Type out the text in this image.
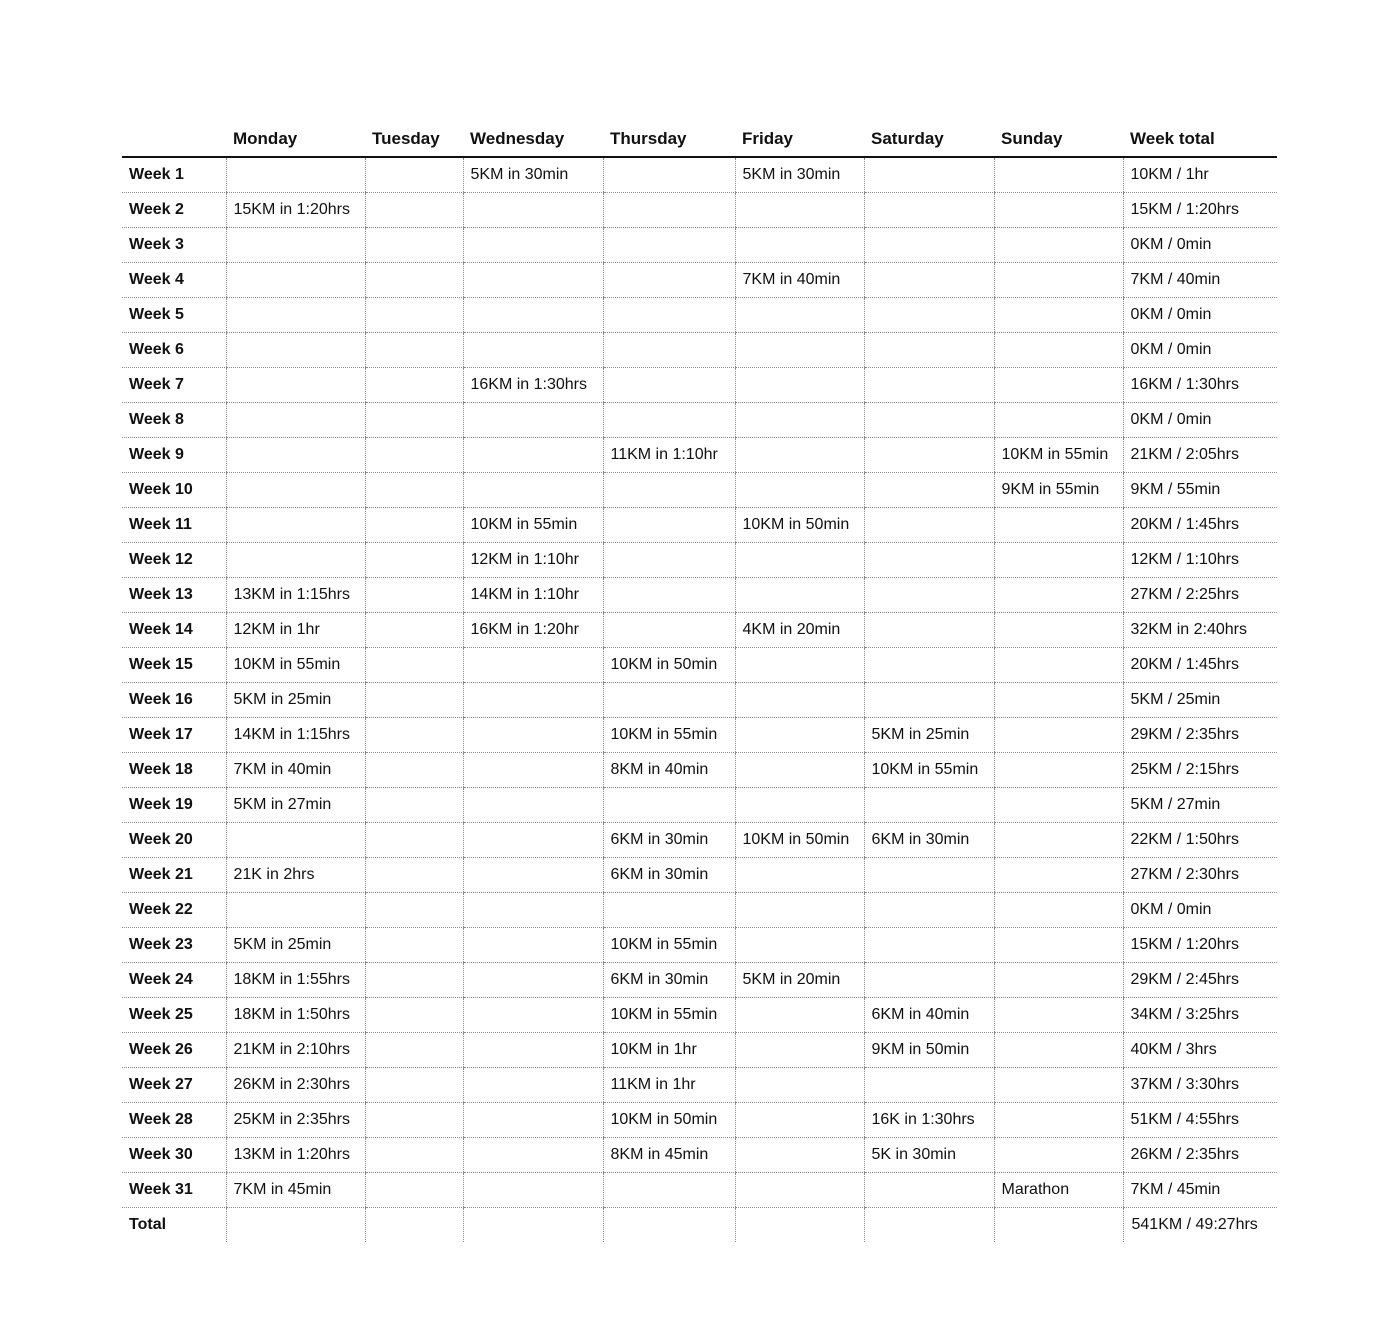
	Monday	Tuesday	Wednesday	Thursday	Friday	Saturday	Sunday	Week total
Week 1			5KM in 30min		5KM in 30min			10KM / 1hr
Week 2	15KM in 1:20hrs							15KM / 1:20hrs
Week 3								0KM / 0min
Week 4					7KM in 40min			7KM / 40min
Week 5								0KM / 0min
Week 6								0KM / 0min
Week 7			16KM in 1:30hrs					16KM / 1:30hrs
Week 8								0KM / 0min
Week 9				11KM in 1:10hr			10KM in 55min	21KM / 2:05hrs
Week 10							9KM in 55min	9KM / 55min
Week 11			10KM in 55min		10KM in 50min			20KM / 1:45hrs
Week 12			12KM in 1:10hr					12KM / 1:10hrs
Week 13	13KM in 1:15hrs		14KM in 1:10hr					27KM / 2:25hrs
Week 14	12KM in 1hr		16KM in 1:20hr		4KM in 20min			32KM in 2:40hrs
Week 15	10KM in 55min			10KM in 50min				20KM / 1:45hrs
Week 16	5KM in 25min							5KM / 25min
Week 17	14KM in 1:15hrs			10KM in 55min		5KM in 25min		29KM / 2:35hrs
Week 18	7KM in 40min			8KM in 40min		10KM in 55min		25KM / 2:15hrs
Week 19	5KM in 27min							5KM / 27min
Week 20				6KM in 30min	10KM in 50min	6KM in 30min		22KM / 1:50hrs
Week 21	21K in 2hrs			6KM in 30min				27KM / 2:30hrs
Week 22								0KM / 0min
Week 23	5KM in 25min			10KM in 55min				15KM / 1:20hrs
Week 24	18KM in 1:55hrs			6KM in 30min	5KM in 20min			29KM / 2:45hrs
Week 25	18KM in 1:50hrs			10KM in 55min		6KM in 40min		34KM / 3:25hrs
Week 26	21KM in 2:10hrs			10KM in 1hr		9KM in 50min		40KM / 3hrs
Week 27	26KM in 2:30hrs			11KM in 1hr				37KM / 3:30hrs
Week 28	25KM in 2:35hrs			10KM in 50min		16K in 1:30hrs		51KM / 4:55hrs
Week 30	13KM in 1:20hrs			8KM in 45min		5K in 30min		26KM / 2:35hrs
Week 31	7KM in 45min						Marathon	7KM / 45min
Total								541KM / 49:27hrs
